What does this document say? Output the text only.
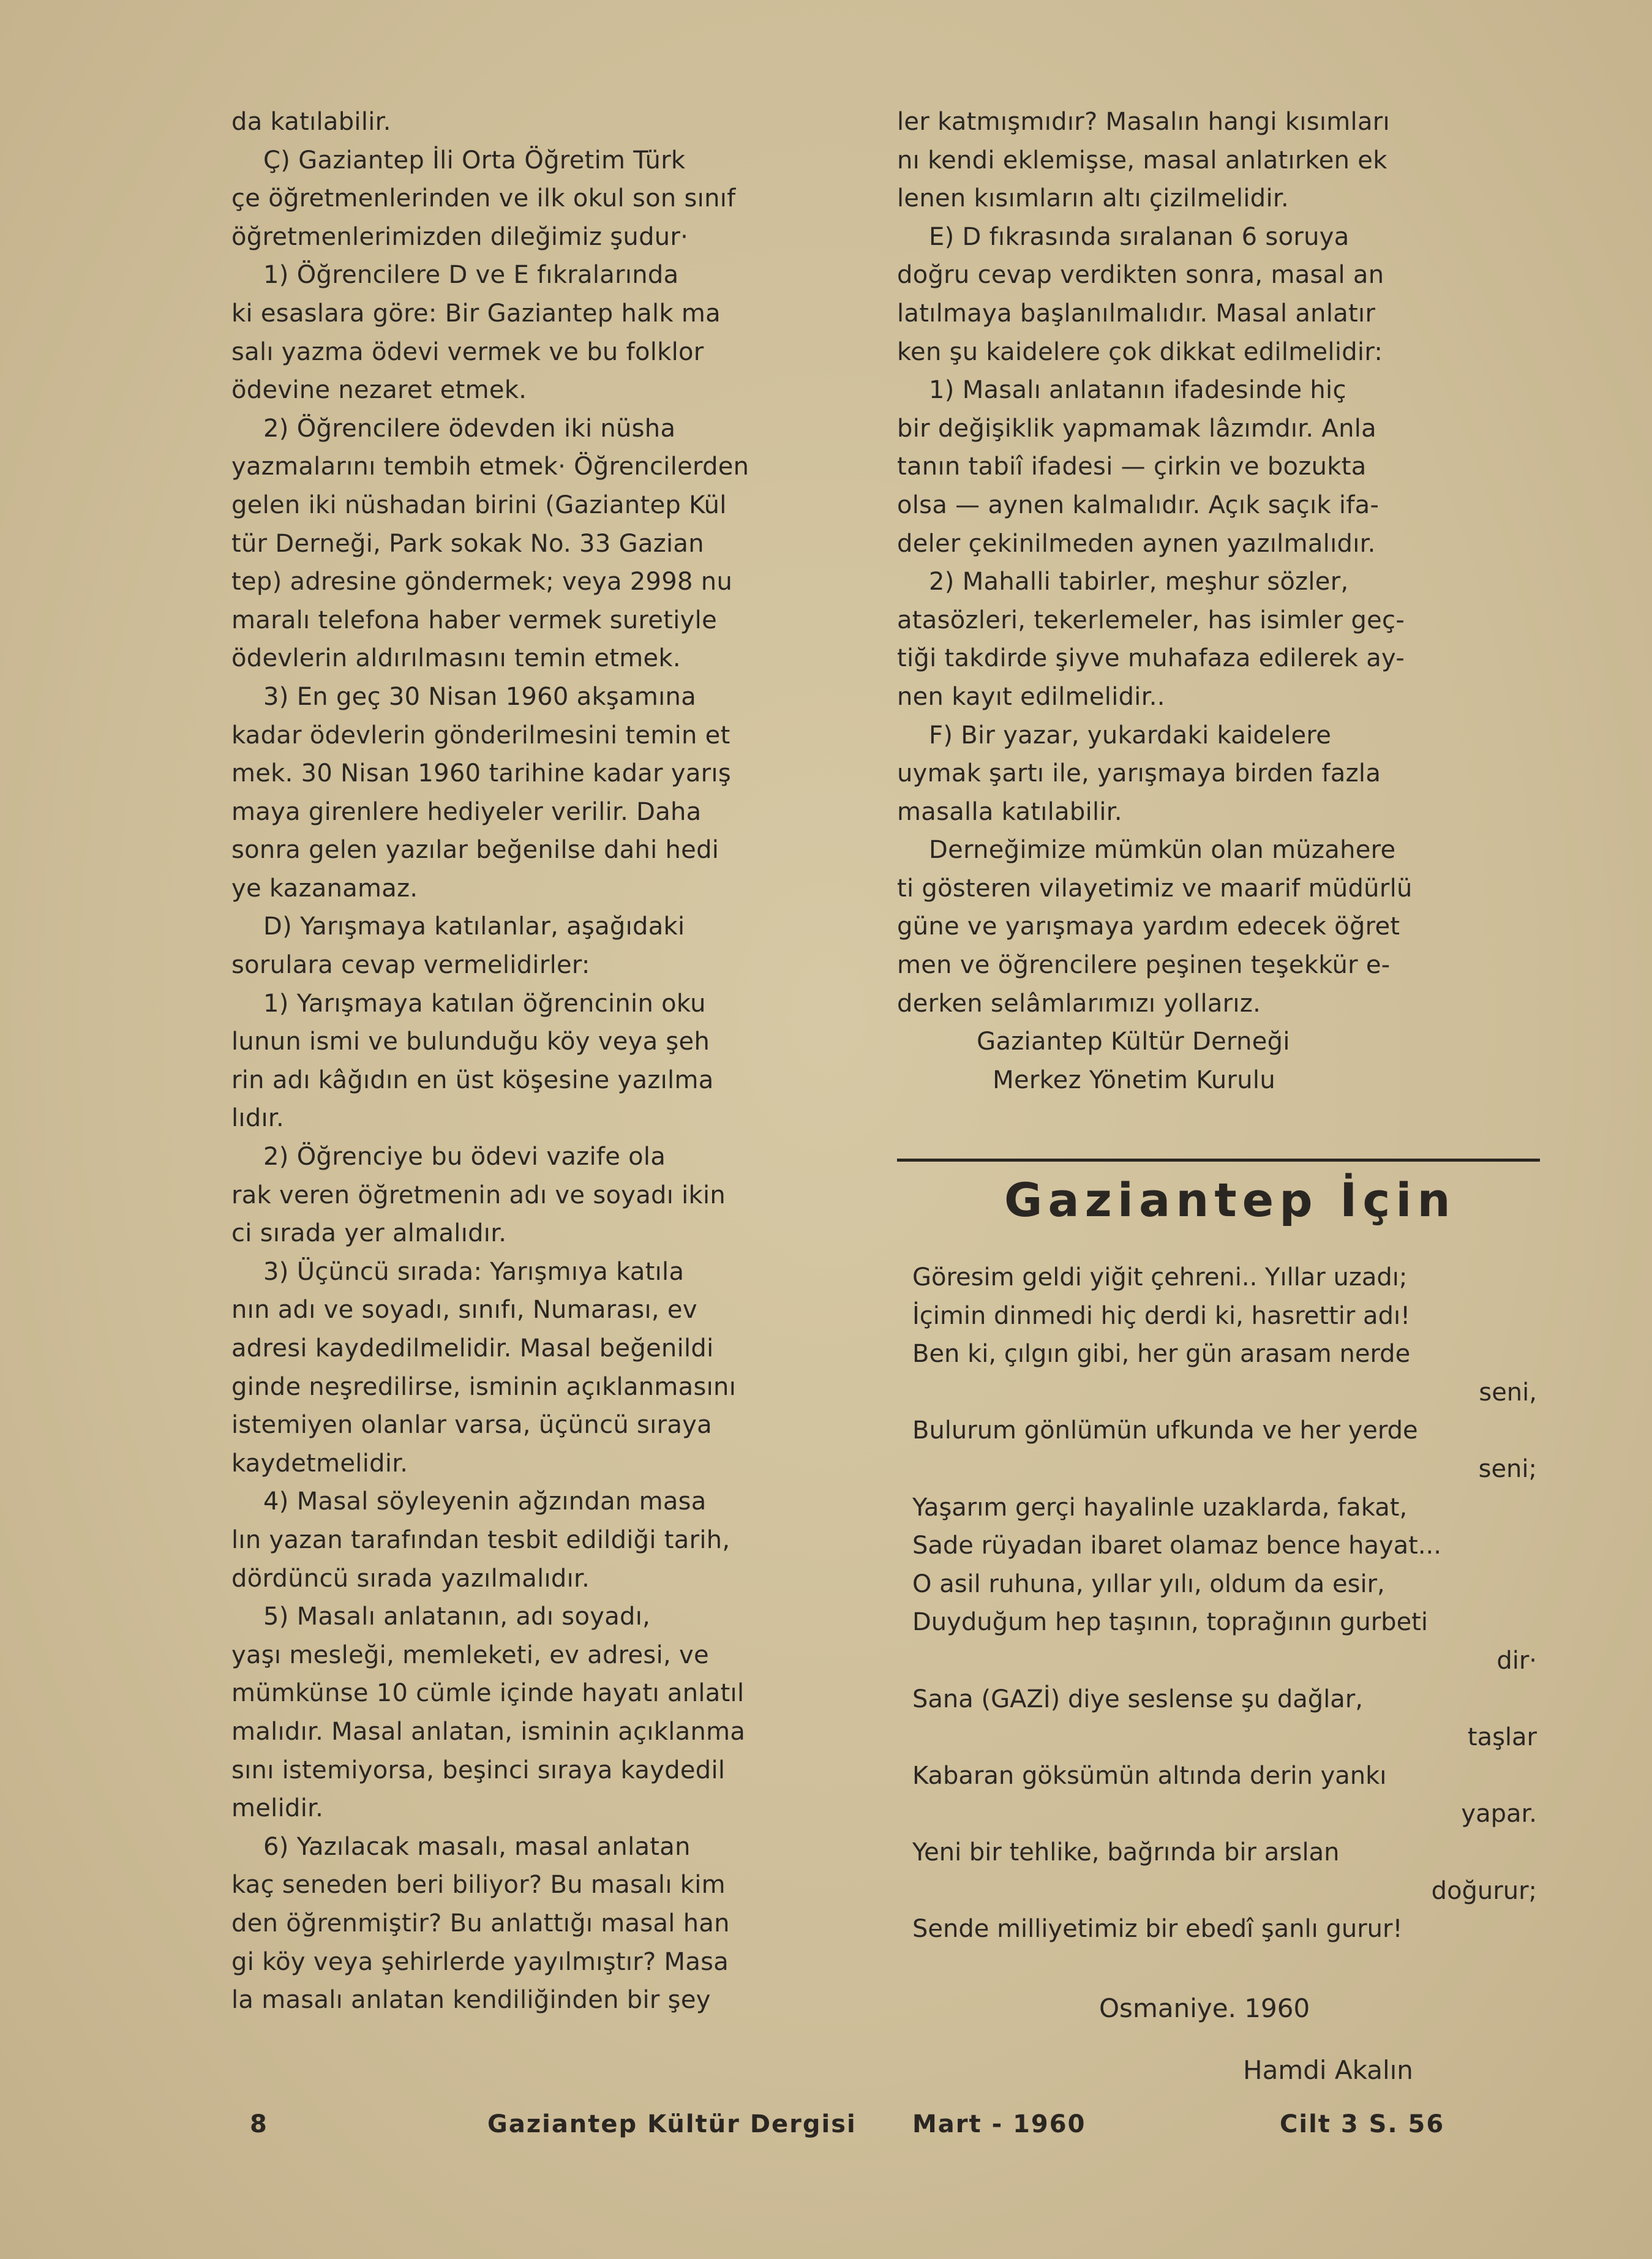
da katılabilir.
Ç) Gaziantep İli Orta Öğretim Türk
çe öğretmenlerinden ve ilk okul son sınıf
öğretmenlerimizden dileğimiz şudur·
1) Öğrencilere D ve E fıkralarında
ki esaslara göre: Bir Gaziantep halk ma
salı yazma ödevi vermek ve bu folklor
ödevine nezaret etmek.
2) Öğrencilere ödevden iki nüsha
yazmalarını tembih etmek· Öğrencilerden
gelen iki nüshadan birini (Gaziantep Kül
tür Derneği, Park sokak No. 33 Gazian
tep) adresine göndermek; veya 2998 nu
maralı telefona haber vermek suretiyle
ödevlerin aldırılmasını temin etmek.
3) En geç 30 Nisan 1960 akşamına
kadar ödevlerin gönderilmesini temin et
mek. 30 Nisan 1960 tarihine kadar yarış
maya girenlere hediyeler verilir. Daha
sonra gelen yazılar beğenilse dahi hedi
ye kazanamaz.
D) Yarışmaya katılanlar, aşağıdaki
sorulara cevap vermelidirler:
1) Yarışmaya katılan öğrencinin oku
lunun ismi ve bulunduğu köy veya şeh
rin adı kâğıdın en üst köşesine yazılma
lıdır.
2) Öğrenciye bu ödevi vazife ola
rak veren öğretmenin adı ve soyadı ikin
ci sırada yer almalıdır.
3) Üçüncü sırada: Yarışmıya katıla
nın adı ve soyadı, sınıfı, Numarası, ev
adresi kaydedilmelidir. Masal beğenildi
ginde neşredilirse, isminin açıklanmasını
istemiyen olanlar varsa, üçüncü sıraya
kaydetmelidir.
4) Masal söyleyenin ağzından masa
lın yazan tarafından tesbit edildiği tarih,
dördüncü sırada yazılmalıdır.
5) Masalı anlatanın, adı soyadı,
yaşı mesleği, memleketi, ev adresi, ve
mümkünse 10 cümle içinde hayatı anlatıl
malıdır. Masal anlatan, isminin açıklanma
sını istemiyorsa, beşinci sıraya kaydedil
melidir.
6) Yazılacak masalı, masal anlatan
kaç seneden beri biliyor? Bu masalı kim
den öğrenmiştir? Bu anlattığı masal han
gi köy veya şehirlerde yayılmıştır? Masa
la masalı anlatan kendiliğinden bir şey
ler katmışmıdır? Masalın hangi kısımları
nı kendi eklemişse, masal anlatırken ek
lenen kısımların altı çizilmelidir.
E) D fıkrasında sıralanan 6 soruya
doğru cevap verdikten sonra, masal an
latılmaya başlanılmalıdır. Masal anlatır
ken şu kaidelere çok dikkat edilmelidir:
1) Masalı anlatanın ifadesinde hiç
bir değişiklik yapmamak lâzımdır. Anla
tanın tabiî ifadesi — çirkin ve bozukta
olsa — aynen kalmalıdır. Açık saçık ifa-
deler çekinilmeden aynen yazılmalıdır.
2) Mahalli tabirler, meşhur sözler,
atasözleri, tekerlemeler, has isimler geç-
tiği takdirde şiyve muhafaza edilerek ay-
nen kayıt edilmelidir..
F) Bir yazar, yukardaki kaidelere
uymak şartı ile, yarışmaya birden fazla
masalla katılabilir.
Derneğimize mümkün olan müzahere
ti gösteren vilayetimiz ve maarif müdürlü
güne ve yarışmaya yardım edecek öğret
men ve öğrencilere peşinen teşekkür e-
derken selâmlarımızı yollarız.
Gaziantep Kültür Derneği
Merkez Yönetim Kurulu
Gaziantep İçin
Göresim geldi yiğit çehreni.. Yıllar uzadı;
İçimin dinmedi hiç derdi ki, hasrettir adı!
Ben ki, çılgın gibi, her gün arasam nerde
seni,
Bulurum gönlümün ufkunda ve her yerde
seni;
Yaşarım gerçi hayalinle uzaklarda, fakat,
Sade rüyadan ibaret olamaz bence hayat...
O asil ruhuna, yıllar yılı, oldum da esir,
Duyduğum hep taşının, toprağının gurbeti
dir·
Sana (GAZİ) diye seslense şu dağlar,
taşlar
Kabaran göksümün altında derin yankı
yapar.
Yeni bir tehlike, bağrında bir arslan
doğurur;
Sende milliyetimiz bir ebedî şanlı gurur!
Osmaniye. 1960
Hamdi Akalın
8	Gaziantep Kültür Dergisi Mart - 1960	Cilt 3 S. 56
